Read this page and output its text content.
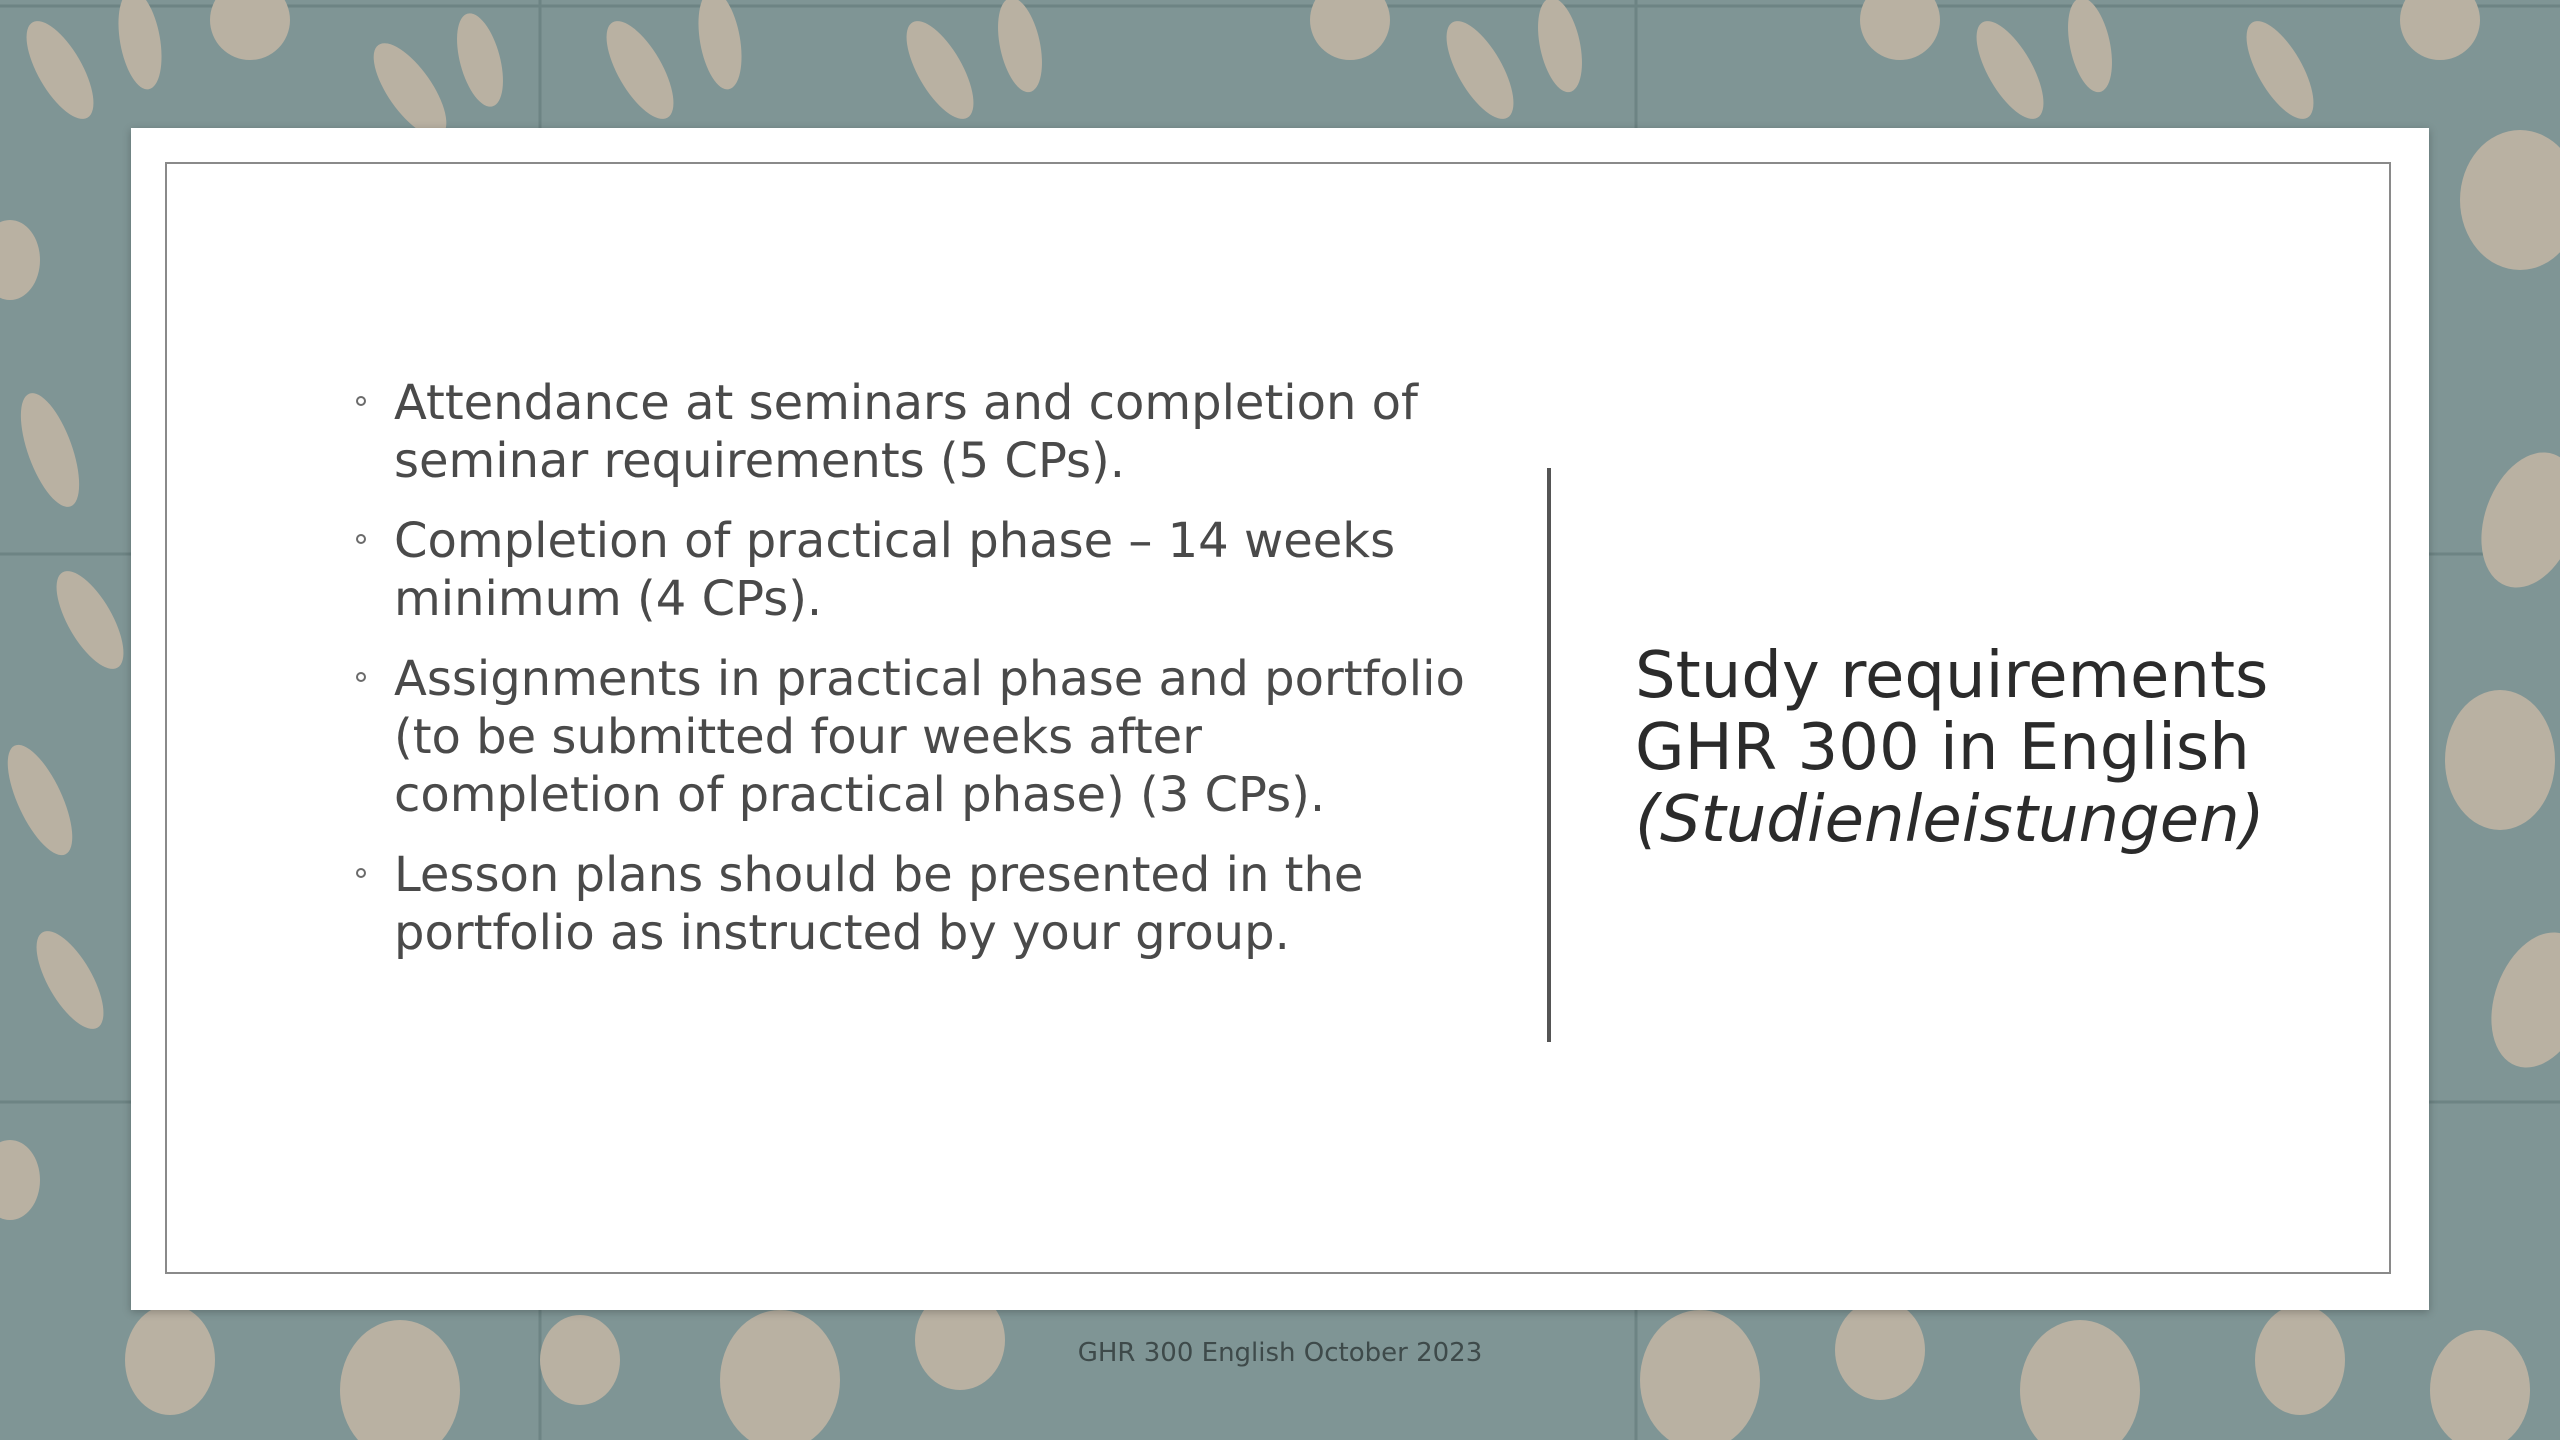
Attendance at seminars and completion of seminar requirements (5 CPs).
Completion of practical phase – 14 weeks minimum (4 CPs).
Assignments in practical phase and portfolio (to be submitted four weeks after completion of practical phase) (3 CPs).
Lesson plans should be presented in the portfolio as instructed by your group.
Study requirements
GHR 300 in English
(Studienleistungen)
GHR 300 English October 2023
